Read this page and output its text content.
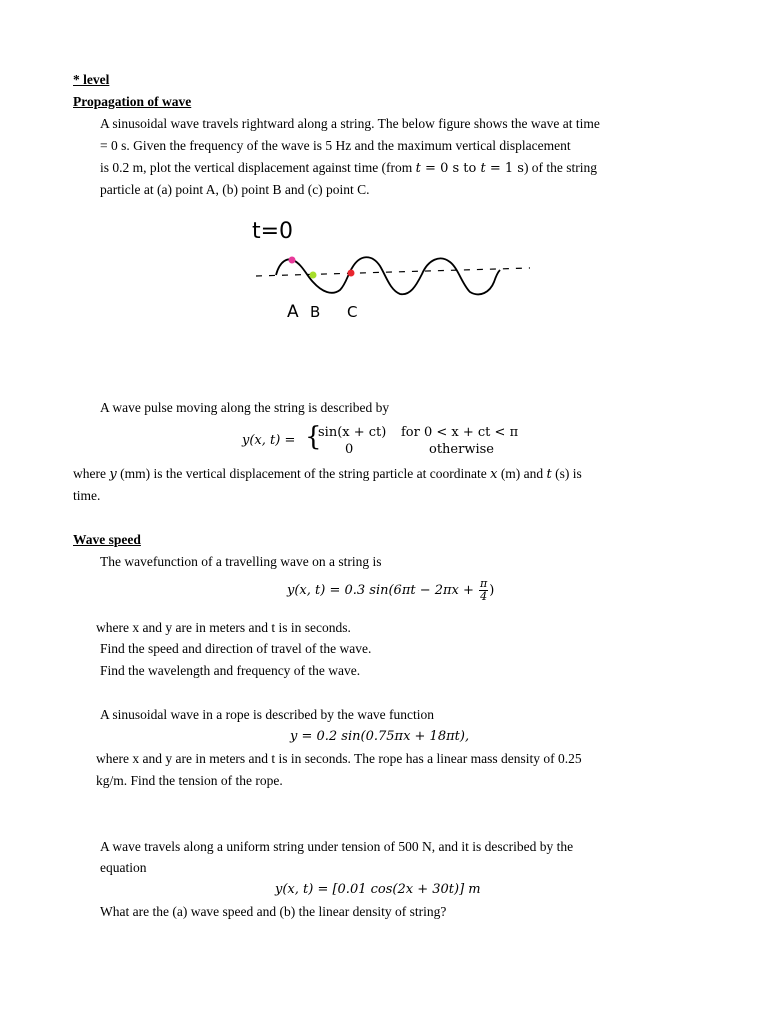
* level
Propagation of wave
A sinusoidal wave travels rightward along a string. The below figure shows the wave at time
= 0 s. Given the frequency of the wave is 5 Hz and the maximum vertical displacement
is 0.2 m, plot the vertical displacement against time (from t = 0 s to t = 1 s) of the string
particle at (a) point A, (b) point B and (c) point C.
t=0
A B C
A wave pulse moving along the string is described by
y(x, t) = {
sin(x + ct) for 0 < x + ct < π
0	otherwise
where y (mm) is the vertical displacement of the string particle at coordinate x (m) and t (s) is
time.
Wave speed
The wavefunction of a travelling wave on a string is
y(x, t) = 0.3 $\sin(6\pi t - 2\pi x + \frac{\pi}{4}$ )
where x and y are in meters and t is in seconds.
Find the speed and direction of travel of the wave.
Find the wavelength and frequency of the wave.
A sinusoidal wave in a rope is described by the wave function
y = 0.2 sin(0.75πx + 18πt),
where x and y are in meters and t is in seconds. The rope has a linear mass density of 0.25
kg/m. Find the tension of the rope.
A wave travels along a uniform string under tension of 500 N, and it is described by the
equation
y(x, t) = [0.01 cos(2x + 30t)] m
What are the (a) wave speed and (b) the linear density of string?
